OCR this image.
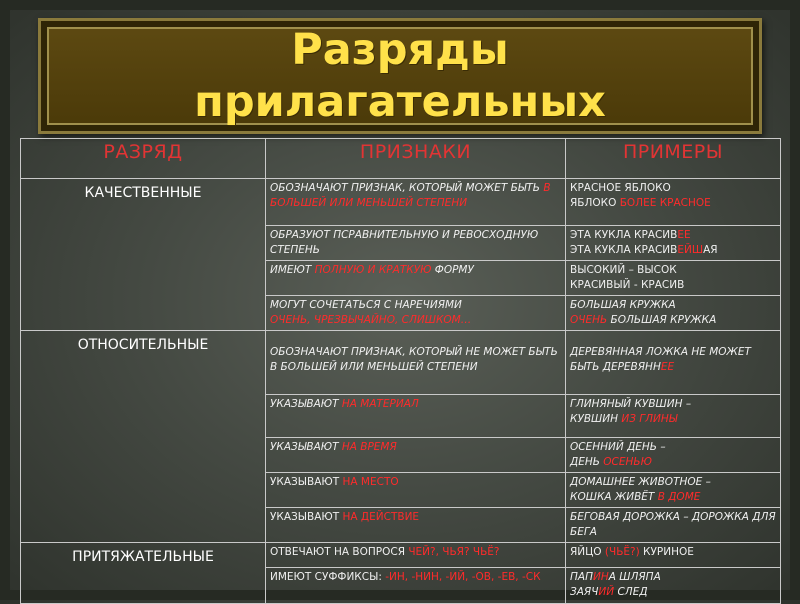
Разряды
прилагательных
РАЗРЯД	ПРИЗНАКИ	ПРИМЕРЫ
КАЧЕСТВЕННЫЕ	ОБОЗНАЧАЮТ ПРИЗНАК, КОТОРЫЙ МОЖЕТ БЫТЬ В БОЛЬШЕЙ ИЛИ МЕНЬШЕЙ СТЕПЕНИ	КРАСНОЕ ЯБЛОКО
ЯБЛОКО БОЛЕЕ КРАСНОЕ
	ОБРАЗУЮТ ПСРАВНИТЕЛЬНУЮ И РЕВОСХОДНУЮ СТЕПЕНЬ	ЭТА КУКЛА КРАСИВЕЕ
ЭТА КУКЛА КРАСИВЕЙШАЯ
	ИМЕЮТ ПОЛНУЮ И КРАТКУЮ ФОРМУ	ВЫСОКИЙ – ВЫСОК
КРАСИВЫЙ - КРАСИВ
	МОГУТ СОЧЕТАТЬСЯ С НАРЕЧИЯМИ
ОЧЕНЬ, ЧРЕЗВЫЧАЙНО, СЛИШКОМ…	БОЛЬШАЯ КРУЖКА
ОЧЕНЬ БОЛЬШАЯ КРУЖКА
ОТНОСИТЕЛЬНЫЕ	ОБОЗНАЧАЮТ ПРИЗНАК, КОТОРЫЙ НЕ МОЖЕТ БЫТЬ В БОЛЬШЕЙ ИЛИ МЕНЬШЕЙ СТЕПЕНИ	ДЕРЕВЯННАЯ ЛОЖКА НЕ МОЖЕТ БЫТЬ ДЕРЕВЯННЕЕ
	УКАЗЫВАЮТ НА МАТЕРИАЛ	ГЛИНЯНЫЙ КУВШИН –
КУВШИН ИЗ ГЛИНЫ
	УКАЗЫВАЮТ НА ВРЕМЯ	ОСЕННИЙ ДЕНЬ –
ДЕНЬ ОСЕНЬЮ
	УКАЗЫВАЮТ НА МЕСТО	ДОМАШНЕЕ ЖИВОТНОЕ –
КОШКА ЖИВЁТ В ДОМЕ
	УКАЗЫВАЮТ НА ДЕЙСТВИЕ	БЕГОВАЯ ДОРОЖКА – ДОРОЖКА ДЛЯ БЕГА
ПРИТЯЖАТЕЛЬНЫЕ	ОТВЕЧАЮТ НА ВОПРОСЯ ЧЕЙ?, ЧЬЯ? ЧЬЁ?	ЯЙЦО (ЧЬЁ?) КУРИНОЕ
	ИМЕЮТ СУФФИКСЫ: -ИН, -НИН, -ИЙ, -ОВ, -ЕВ, -СК	ПАПИНА ШЛЯПА
ЗАЯЧИЙ СЛЕД
